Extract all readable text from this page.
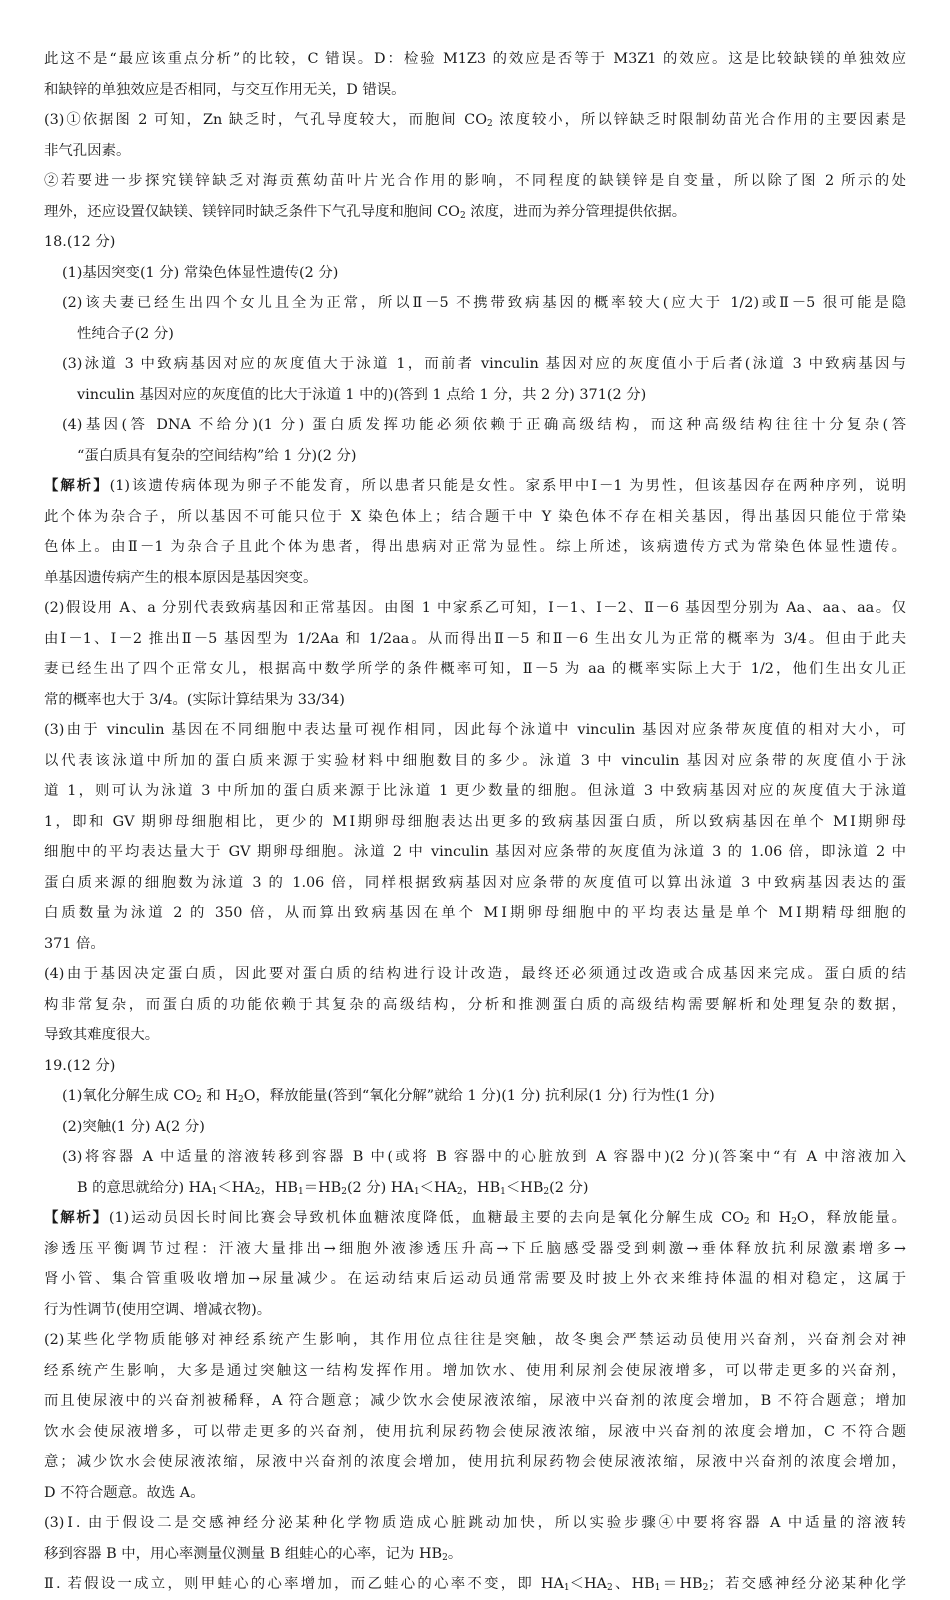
此这不是“最应该重点分析”的比较，C 错误。D：检验 M1Z3 的效应是否等于 M3Z1 的效应。这是比较缺镁的单独效应
和缺锌的单独效应是否相同，与交互作用无关，D 错误。
(3)①依据图 2 可知，Zn 缺乏时，气孔导度较大，而胞间 $CO_2$ 浓度较小，所以锌缺乏时限制幼苗光合作用的主要因素是
非气孔因素。
②若要进一步探究镁锌缺乏对海贡蕉幼苗叶片光合作用的影响，不同程度的缺镁锌是自变量，所以除了图 2 所示的处
理外，还应设置仅缺镁、镁锌同时缺乏条件下气孔导度和胞间 $CO_2$ 浓度，进而为养分管理提供依据。
18.(12 分)
(1)基因突变(1 分) 常染色体显性遗传(2 分)
(2)该夫妻已经生出四个女儿且全为正常，所以Ⅱ－5 不携带致病基因的概率较大(应大于 1/2)或Ⅱ－5 很可能是隐
性纯合子(2 分)
(3)泳道 3 中致病基因对应的灰度值大于泳道 1，而前者 vinculin 基因对应的灰度值小于后者(泳道 3 中致病基因与
vinculin 基因对应的灰度值的比大于泳道 1 中的)(答到 1 点给 1 分，共 2 分) 371(2 分)
(4)基因(答 DNA 不给分)(1 分) 蛋白质发挥功能必须依赖于正确高级结构，而这种高级结构往往十分复杂(答
“蛋白质具有复杂的空间结构”给 1 分)(2 分)
【解析】(1)该遗传病体现为卵子不能发育，所以患者只能是女性。家系甲中Ⅰ－1 为男性，但该基因存在两种序列，说明
此个体为杂合子，所以基因不可能只位于 X 染色体上；结合题干中 Y 染色体不存在相关基因，得出基因只能位于常染
色体上。由Ⅱ－1 为杂合子且此个体为患者，得出患病对正常为显性。综上所述，该病遗传方式为常染色体显性遗传。
单基因遗传病产生的根本原因是基因突变。
(2)假设用 A、a 分别代表致病基因和正常基因。由图 1 中家系乙可知，Ⅰ－1、Ⅰ－2、Ⅱ－6 基因型分别为 Aa、aa、aa。仅
由Ⅰ－1、Ⅰ－2 推出Ⅱ－5 基因型为 1/2Aa 和 1/2aa。从而得出Ⅱ－5 和Ⅱ－6 生出女儿为正常的概率为 3/4。但由于此夫
妻已经生出了四个正常女儿，根据高中数学所学的条件概率可知，Ⅱ－5 为 aa 的概率实际上大于 1/2，他们生出女儿正
常的概率也大于 3/4。(实际计算结果为 33/34)
(3)由于 vinculin 基因在不同细胞中表达量可视作相同，因此每个泳道中 vinculin 基因对应条带灰度值的相对大小，可
以代表该泳道中所加的蛋白质来源于实验材料中细胞数目的多少。泳道 3 中 vinculin 基因对应条带的灰度值小于泳
道 1，则可认为泳道 3 中所加的蛋白质来源于比泳道 1 更少数量的细胞。但泳道 3 中致病基因对应的灰度值大于泳道
1，即和 GV 期卵母细胞相比，更少的 MⅠ期卵母细胞表达出更多的致病基因蛋白质，所以致病基因在单个 MⅠ期卵母
细胞中的平均表达量大于 GV 期卵母细胞。泳道 2 中 vinculin 基因对应条带的灰度值为泳道 3 的 1.06 倍，即泳道 2 中
蛋白质来源的细胞数为泳道 3 的 1.06 倍，同样根据致病基因对应条带的灰度值可以算出泳道 3 中致病基因表达的蛋
白质数量为泳道 2 的 350 倍，从而算出致病基因在单个 MⅠ期卵母细胞中的平均表达量是单个 MⅠ期精母细胞的
371 倍。
(4)由于基因决定蛋白质，因此要对蛋白质的结构进行设计改造，最终还必须通过改造或合成基因来完成。蛋白质的结
构非常复杂，而蛋白质的功能依赖于其复杂的高级结构，分析和推测蛋白质的高级结构需要解析和处理复杂的数据，
导致其难度很大。
19.(12 分)
(1)氧化分解生成 $CO_2$ 和 $H_2O$，释放能量(答到“氧化分解”就给 1 分)(1 分) 抗利尿(1 分) 行为性(1 分)
(2)突触(1 分) A(2 分)
(3)将容器 A 中适量的溶液转移到容器 B 中(或将 B 容器中的心脏放到 A 容器中)(2 分)(答案中“有 A 中溶液加入
B 的意思就给分) $HA_1<HA_2$，$HB_1=HB_2(2$ 分) $HA_1<HA_2$，$HB_1<HB_2(2$ 分)
【解析】(1)运动员因长时间比赛会导致机体血糖浓度降低，血糖最主要的去向是氧化分解生成 $CO_2$ 和 $H_2O$，释放能量。
渗透压平衡调节过程：汗液大量排出→细胞外液渗透压升高→下丘脑感受器受到刺激→垂体释放抗利尿激素增多→
肾小管、集合管重吸收增加→尿量减少。在运动结束后运动员通常需要及时披上外衣来维持体温的相对稳定，这属于
行为性调节(使用空调、增减衣物)。
(2)某些化学物质能够对神经系统产生影响，其作用位点往往是突触，故冬奥会严禁运动员使用兴奋剂，兴奋剂会对神
经系统产生影响，大多是通过突触这一结构发挥作用。增加饮水、使用利尿剂会使尿液增多，可以带走更多的兴奋剂，
而且使尿液中的兴奋剂被稀释，A 符合题意；减少饮水会使尿液浓缩，尿液中兴奋剂的浓度会增加，B 不符合题意；增加
饮水会使尿液增多，可以带走更多的兴奋剂，使用抗利尿药物会使尿液浓缩，尿液中兴奋剂的浓度会增加，C 不符合题
意；减少饮水会使尿液浓缩，尿液中兴奋剂的浓度会增加，使用抗利尿药物会使尿液浓缩，尿液中兴奋剂的浓度会增加，
D 不符合题意。故选 A。
(3)Ⅰ. 由于假设二是交感神经分泌某种化学物质造成心脏跳动加快，所以实验步骤④中要将容器 A 中适量的溶液转
移到容器 B 中，用心率测量仪测量 B 组蛙心的心率，记为 $HB_2$。
Ⅱ. 若假设一成立，则甲蛙心的心率增加，而乙蛙心的心率不变，即 $HA_1<HA_2$、$HB_1=HB_2$；若交感神经分泌某种化学
